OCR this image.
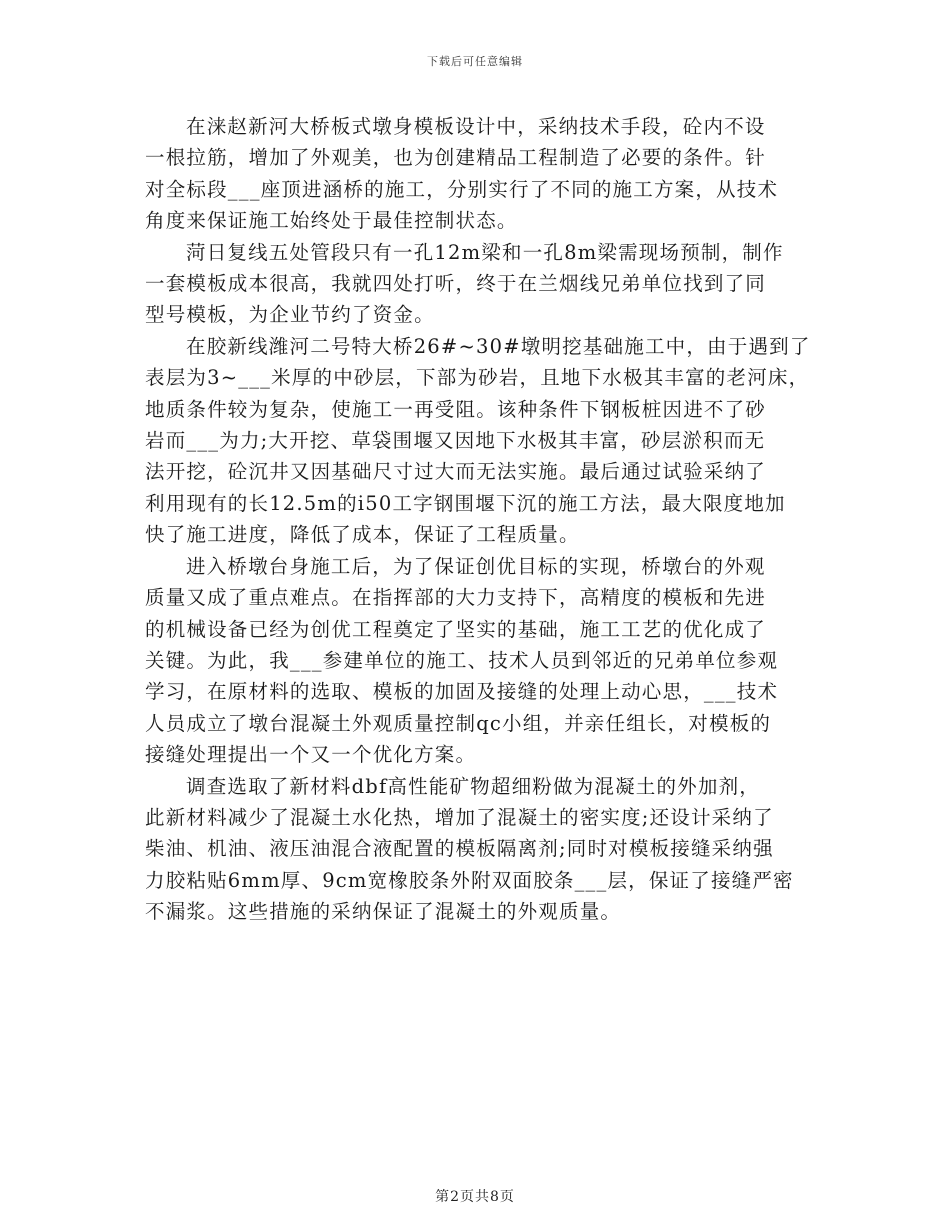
下载后可任意编辑

在涞赵新河大桥板式墩身模板设计中，采纳技术手段，砼内不设
一根拉筋，增加了外观美，也为创建精品工程制造了必要的条件。针
对全标段___座顶进涵桥的施工，分别实行了不同的施工方案，从技术
角度来保证施工始终处于最佳控制状态。

菏日复线五处管段只有一孔12m梁和一孔8m梁需现场预制，制作
一套模板成本很高，我就四处打听，终于在兰烟线兄弟单位找到了同
型号模板，为企业节约了资金。

在胶新线潍河二号特大桥26#~30#墩明挖基础施工中，由于遇到了
表层为3~___米厚的中砂层，下部为砂岩，且地下水极其丰富的老河床，
地质条件较为复杂，使施工一再受阻。该种条件下钢板桩因进不了砂
岩而___为力;大开挖、草袋围堰又因地下水极其丰富，砂层淤积而无
法开挖，砼沉井又因基础尺寸过大而无法实施。最后通过试验采纳了
利用现有的长12.5m的i50工字钢围堰下沉的施工方法，最大限度地加
快了施工进度，降低了成本，保证了工程质量。

进入桥墩台身施工后，为了保证创优目标的实现，桥墩台的外观
质量又成了重点难点。在指挥部的大力支持下，高精度的模板和先进
的机械设备已经为创优工程奠定了坚实的基础，施工工艺的优化成了
关键。为此，我___参建单位的施工、技术人员到邻近的兄弟单位参观
学习，在原材料的选取、模板的加固及接缝的处理上动心思，___技术
人员成立了墩台混凝土外观质量控制qc小组，并亲任组长，对模板的
接缝处理提出一个又一个优化方案。

调查选取了新材料dbf高性能矿物超细粉做为混凝土的外加剂，
此新材料减少了混凝土水化热，增加了混凝土的密实度;还设计采纳了
柴油、机油、液压油混合液配置的模板隔离剂;同时对模板接缝采纳强
力胶粘贴6mm厚、9cm宽橡胶条外附双面胶条___层，保证了接缝严密
不漏浆。这些措施的采纳保证了混凝土的外观质量。

第2页共8页
